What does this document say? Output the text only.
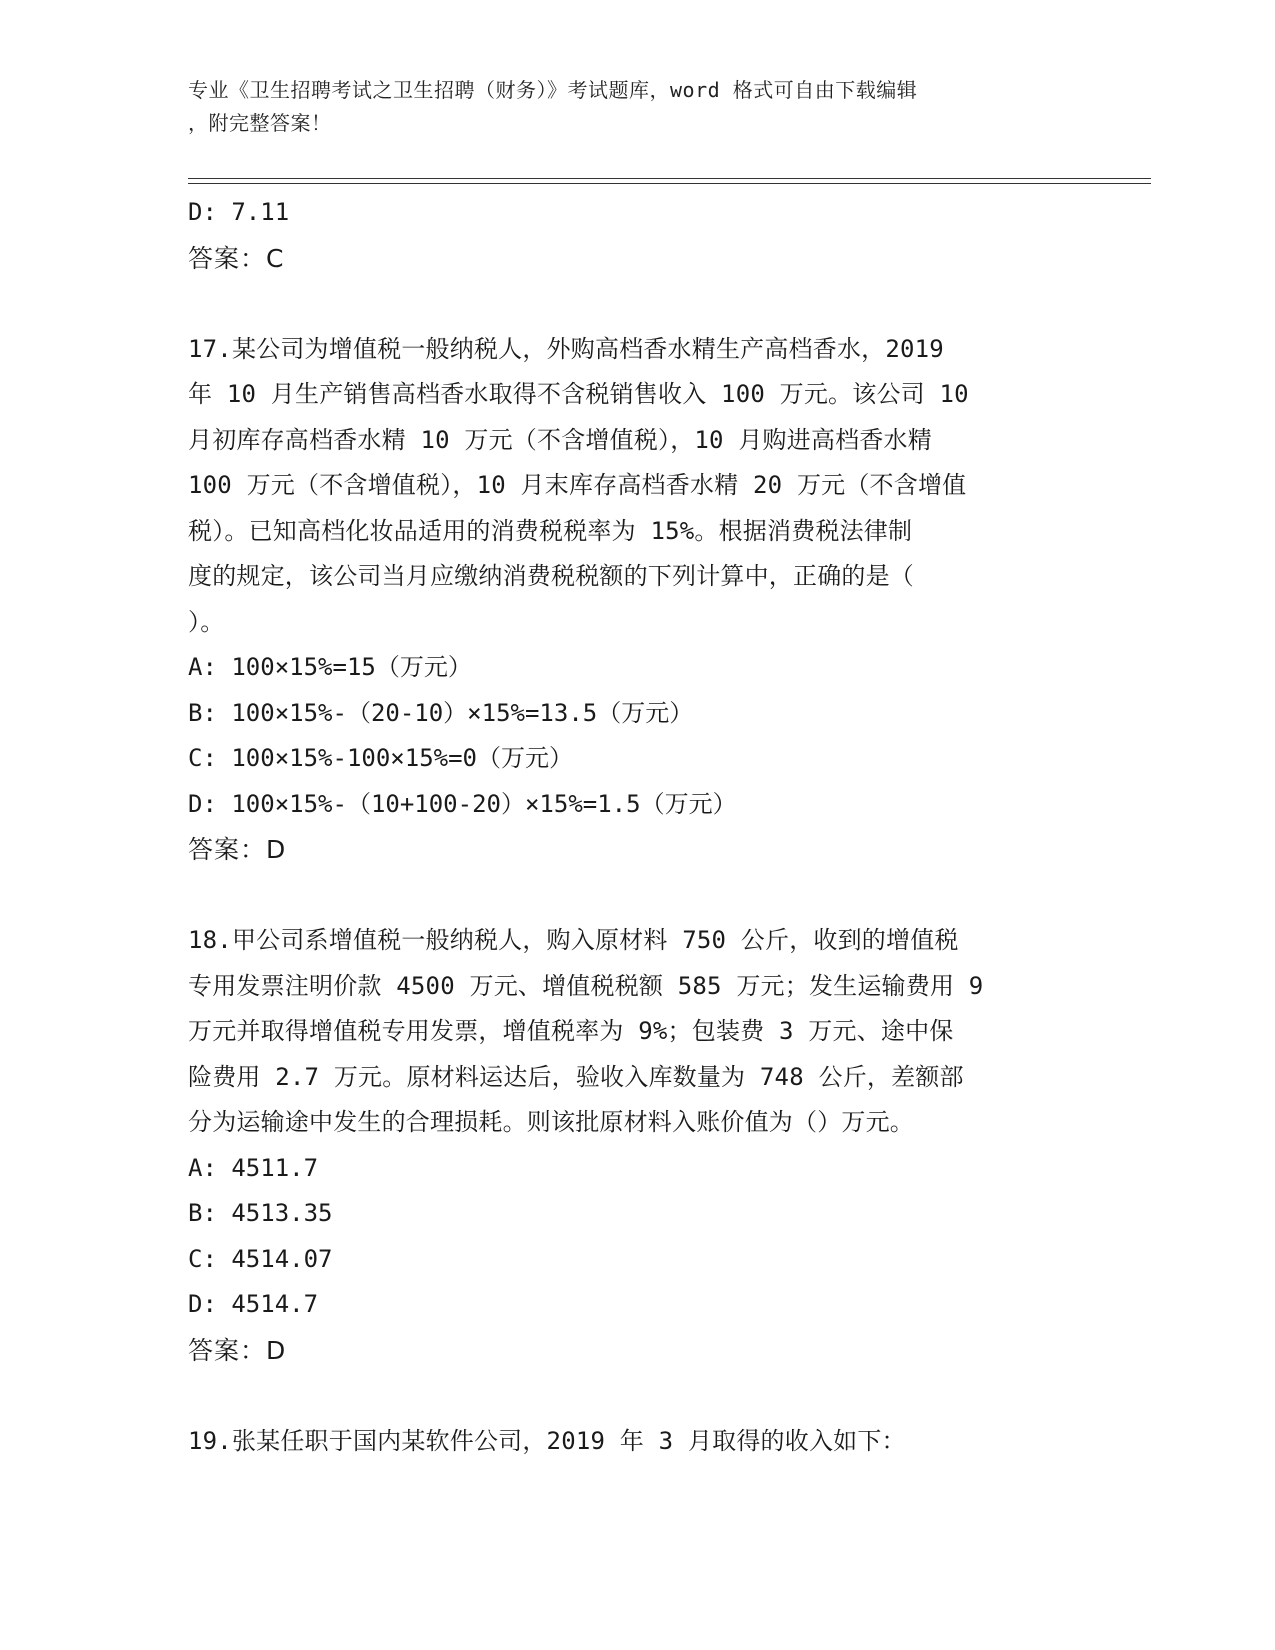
专业《卫生招聘考试之卫生招聘（财务）》考试题库，word 格式可自由下载编辑
，附完整答案！
D: 7.11
答案：C
17.某公司为增值税一般纳税人，外购高档香水精生产高档香水，2019
年 10 月生产销售高档香水取得不含税销售收入 100 万元。该公司 10
月初库存高档香水精 10 万元（不含增值税），10 月购进高档香水精
100 万元（不含增值税），10 月末库存高档香水精 20 万元（不含增值
税）。已知高档化妆品适用的消费税税率为 15%。根据消费税法律制
度的规定，该公司当月应缴纳消费税税额的下列计算中，正确的是（
）。
A: 100×15%=15（万元）
B: 100×15%-（20-10）×15%=13.5（万元）
C: 100×15%-100×15%=0（万元）
D: 100×15%-（10+100-20）×15%=1.5（万元）
答案：D
18.甲公司系增值税一般纳税人，购入原材料 750 公斤，收到的增值税
专用发票注明价款 4500 万元、增值税税额 585 万元；发生运输费用 9
万元并取得增值税专用发票，增值税率为 9%；包装费 3 万元、途中保
险费用 2.7 万元。原材料运达后，验收入库数量为 748 公斤，差额部
分为运输途中发生的合理损耗。则该批原材料入账价值为（）万元。
A: 4511.7
B: 4513.35
C: 4514.07
D: 4514.7
答案：D
19.张某任职于国内某软件公司，2019 年 3 月取得的收入如下：
